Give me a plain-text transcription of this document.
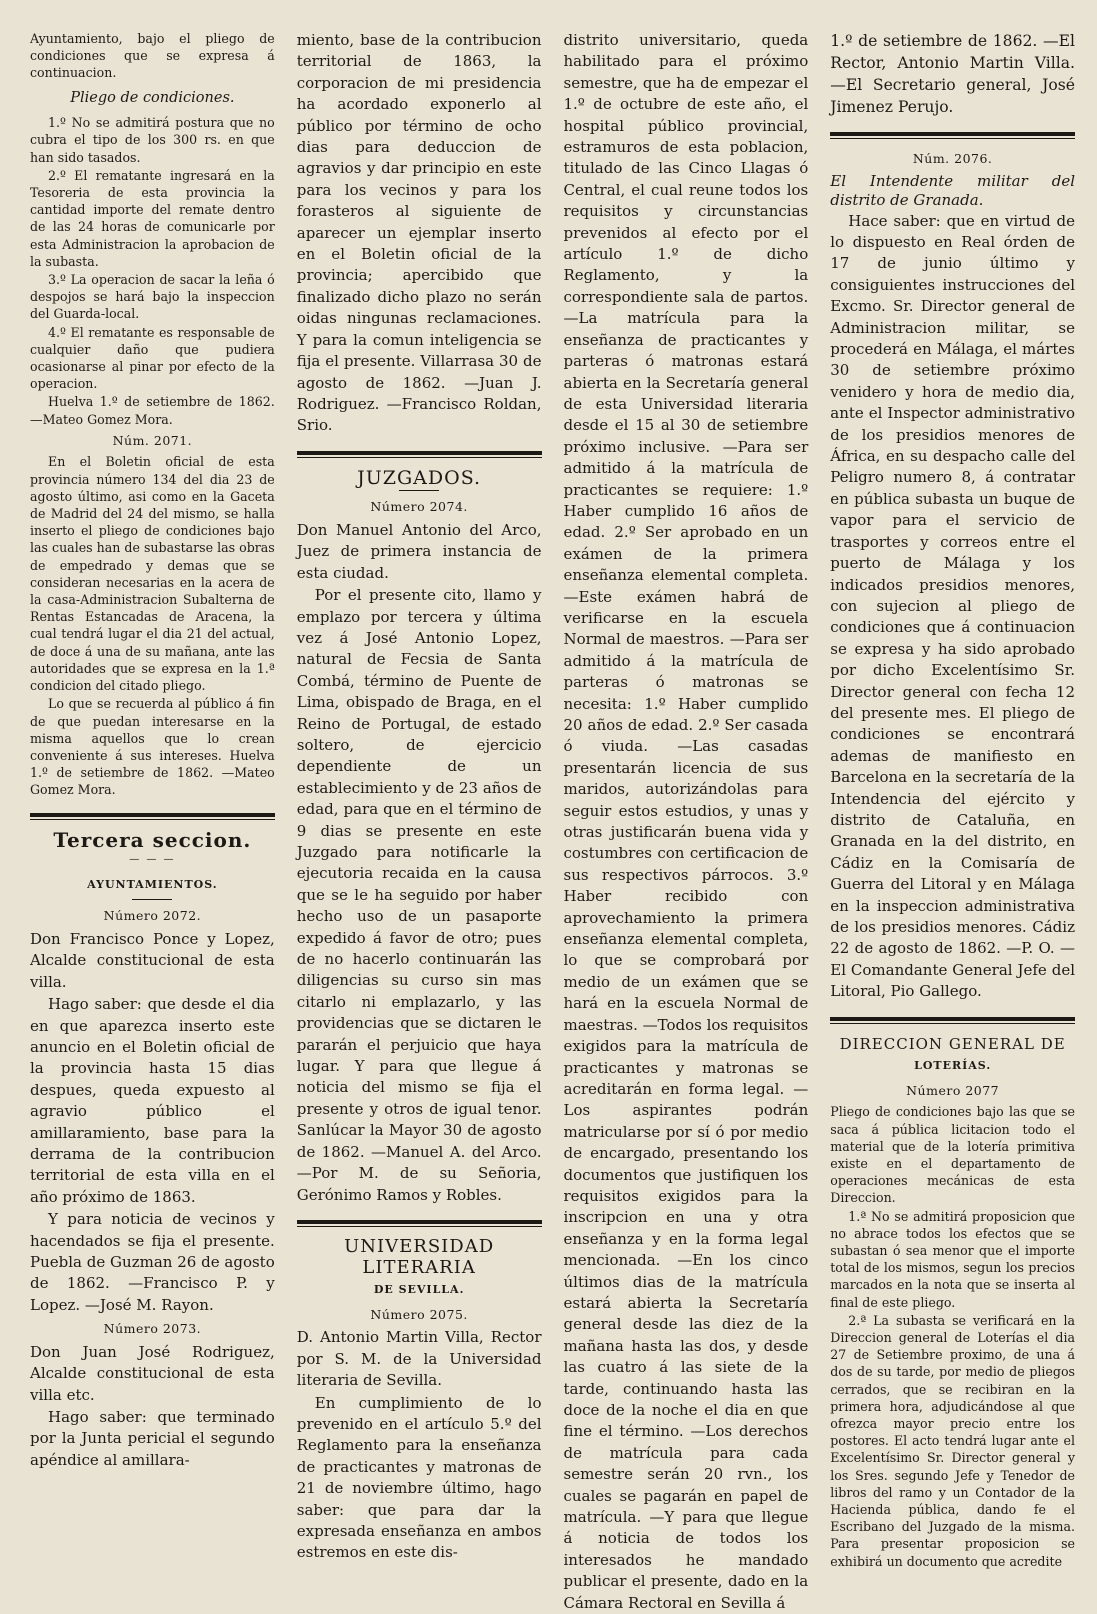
Ayuntamiento, bajo el pliego de condiciones que se expresa á continuacion.

Pliego de condiciones.

1.º No se admitirá postura que no cubra el tipo de los 300 rs. en que han sido tasados.

2.º El rematante ingresará en la Tesoreria de esta provincia la cantidad importe del remate dentro de las 24 horas de comunicarle por esta Administracion la aprobacion de la subasta.

3.º La operacion de sacar la leña ó despojos se hará bajo la inspeccion del Guarda-local.

4.º El rematante es responsable de cualquier daño que pudiera ocasionarse al pinar por efecto de la operacion.

Huelva 1.º de setiembre de 1862. —Mateo Gomez Mora.

Núm. 2071.

En el Boletin oficial de esta provincia número 134 del dia 23 de agosto último, asi como en la Gaceta de Madrid del 24 del mismo, se halla inserto el pliego de condiciones bajo las cuales han de subastarse las obras de empedrado y demas que se consideran necesarias en la acera de la casa-Administracion Subalterna de Rentas Estancadas de Aracena, la cual tendrá lugar el dia 21 del actual, de doce á una de su mañana, ante las autoridades que se expresa en la 1.ª condicion del citado pliego.

Lo que se recuerda al público á fin de que puedan interesarse en la misma aquellos que lo crean conveniente á sus intereses. Huelva 1.º de setiembre de 1862. —Mateo Gomez Mora.

Tercera seccion.
— — —
AYUNTAMIENTOS.
Número 2072.

Don Francisco Ponce y Lopez, Alcalde constitucional de esta villa.

Hago saber: que desde el dia en que aparezca inserto este anuncio en el Boletin oficial de la provincia hasta 15 dias despues, queda expuesto al agravio público el amillaramiento, base para la derrama de la contribucion territorial de esta villa en el año próximo de 1863.

Y para noticia de vecinos y hacendados se fija el presente. Puebla de Guzman 26 de agosto de 1862. —Francisco P. y Lopez. —José M. Rayon.

Número 2073.

Don Juan José Rodriguez, Alcalde constitucional de esta villa etc.

Hago saber: que terminado por la Junta pericial el segundo apéndice al amillara-

miento, base de la contribucion territorial de 1863, la corporacion de mi presidencia ha acordado exponerlo al público por término de ocho dias para deduccion de agravios y dar principio en este para los vecinos y para los forasteros al siguiente de aparecer un ejemplar inserto en el Boletin oficial de la provincia; apercibido que finalizado dicho plazo no serán oidas ningunas reclamaciones. Y para la comun inteligencia se fija el presente. Villarrasa 30 de agosto de 1862. —Juan J. Rodriguez. —Francisco Roldan, Srio.

JUZGADOS.
Número 2074.

Don Manuel Antonio del Arco, Juez de primera instancia de esta ciudad.

Por el presente cito, llamo y emplazo por tercera y última vez á José Antonio Lopez, natural de Fecsia de Santa Combá, término de Puente de Lima, obispado de Braga, en el Reino de Portugal, de estado soltero, de ejercicio dependiente de un establecimiento y de 23 años de edad, para que en el término de 9 dias se presente en este Juzgado para notificarle la ejecutoria recaida en la causa que se le ha seguido por haber hecho uso de un pasaporte expedido á favor de otro; pues de no hacerlo continuarán las diligencias su curso sin mas citarlo ni emplazarlo, y las providencias que se dictaren le pararán el perjuicio que haya lugar. Y para que llegue á noticia del mismo se fija el presente y otros de igual tenor. Sanlúcar la Mayor 30 de agosto de 1862. —Manuel A. del Arco. —Por M. de su Señoria, Gerónimo Ramos y Robles.

UNIVERSIDAD LITERARIA
DE SEVILLA.
Número 2075.

D. Antonio Martin Villa, Rector por S. M. de la Universidad literaria de Sevilla.

En cumplimiento de lo prevenido en el artículo 5.º del Reglamento para la enseñanza de practicantes y matronas de 21 de noviembre último, hago saber: que para dar la expresada enseñanza en ambos estremos en este dis-

distrito universitario, queda habilitado para el próximo semestre, que ha de empezar el 1.º de octubre de este año, el hospital público provincial, estramuros de esta poblacion, titulado de las Cinco Llagas ó Central, el cual reune todos los requisitos y circunstancias prevenidos al efecto por el artículo 1.º de dicho Reglamento, y la correspondiente sala de partos. —La matrícula para la enseñanza de practicantes y parteras ó matronas estará abierta en la Secretaría general de esta Universidad literaria desde el 15 al 30 de setiembre próximo inclusive. —Para ser admitido á la matrícula de practicantes se requiere: 1.º Haber cumplido 16 años de edad. 2.º Ser aprobado en un exámen de la primera enseñanza elemental completa. —Este exámen habrá de verificarse en la escuela Normal de maestros. —Para ser admitido á la matrícula de parteras ó matronas se necesita: 1.º Haber cumplido 20 años de edad. 2.º Ser casada ó viuda. —Las casadas presentarán licencia de sus maridos, autorizándolas para seguir estos estudios, y unas y otras justificarán buena vida y costumbres con certificacion de sus respectivos párrocos. 3.º Haber recibido con aprovechamiento la primera enseñanza elemental completa, lo que se comprobará por medio de un exámen que se hará en la escuela Normal de maestras. —Todos los requisitos exigidos para la matrícula de practicantes y matronas se acreditarán en forma legal. —Los aspirantes podrán matricularse por sí ó por medio de encargado, presentando los documentos que justifiquen los requisitos exigidos para la inscripcion en una y otra enseñanza y en la forma legal mencionada. —En los cinco últimos dias de la matrícula estará abierta la Secretaría general desde las diez de la mañana hasta las dos, y desde las cuatro á las siete de la tarde, continuando hasta las doce de la noche el dia en que fine el término. —Los derechos de matrícula para cada semestre serán 20 rvn., los cuales se pagarán en papel de matrícula. —Y para que llegue á noticia de todos los interesados he mandado publicar el presente, dado en la Cámara Rectoral en Sevilla á

1.º de setiembre de 1862. —El Rector, Antonio Martin Villa. —El Secretario general, José Jimenez Perujo.

Núm. 2076.

El Intendente militar del distrito de Granada.

Hace saber: que en virtud de lo dispuesto en Real órden de 17 de junio último y consiguientes instrucciones del Excmo. Sr. Director general de Administracion militar, se procederá en Málaga, el mártes 30 de setiembre próximo venidero y hora de medio dia, ante el Inspector administrativo de los presidios menores de África, en su despacho calle del Peligro numero 8, á contratar en pública subasta un buque de vapor para el servicio de trasportes y correos entre el puerto de Málaga y los indicados presidios menores, con sujecion al pliego de condiciones que á continuacion se expresa y ha sido aprobado por dicho Excelentísimo Sr. Director general con fecha 12 del presente mes. El pliego de condiciones se encontrará ademas de manifiesto en Barcelona en la secretaría de la Intendencia del ejército y distrito de Cataluña, en Granada en la del distrito, en Cádiz en la Comisaría de Guerra del Litoral y en Málaga en la inspeccion administrativa de los presidios menores. Cádiz 22 de agosto de 1862. —P. O. —El Comandante General Jefe del Litoral, Pio Gallego.

DIRECCION GENERAL DE
LOTERÍAS.
Número 2077

Pliego de condiciones bajo las que se saca á pública licitacion todo el material que de la lotería primitiva existe en el departamento de operaciones mecánicas de esta Direccion.

1.ª No se admitirá proposicion que no abrace todos los efectos que se subastan ó sea menor que el importe total de los mismos, segun los precios marcados en la nota que se inserta al final de este pliego.

2.ª La subasta se verificará en la Direccion general de Loterías el dia 27 de Setiembre proximo, de una á dos de su tarde, por medio de pliegos cerrados, que se recibiran en la primera hora, adjudicándose al que ofrezca mayor precio entre los postores. El acto tendrá lugar ante el Excelentísimo Sr. Director general y los Sres. segundo Jefe y Tenedor de libros del ramo y un Contador de la Hacienda pública, dando fe el Escribano del Juzgado de la misma. Para presentar proposicion se exhibirá un documento que acredite
